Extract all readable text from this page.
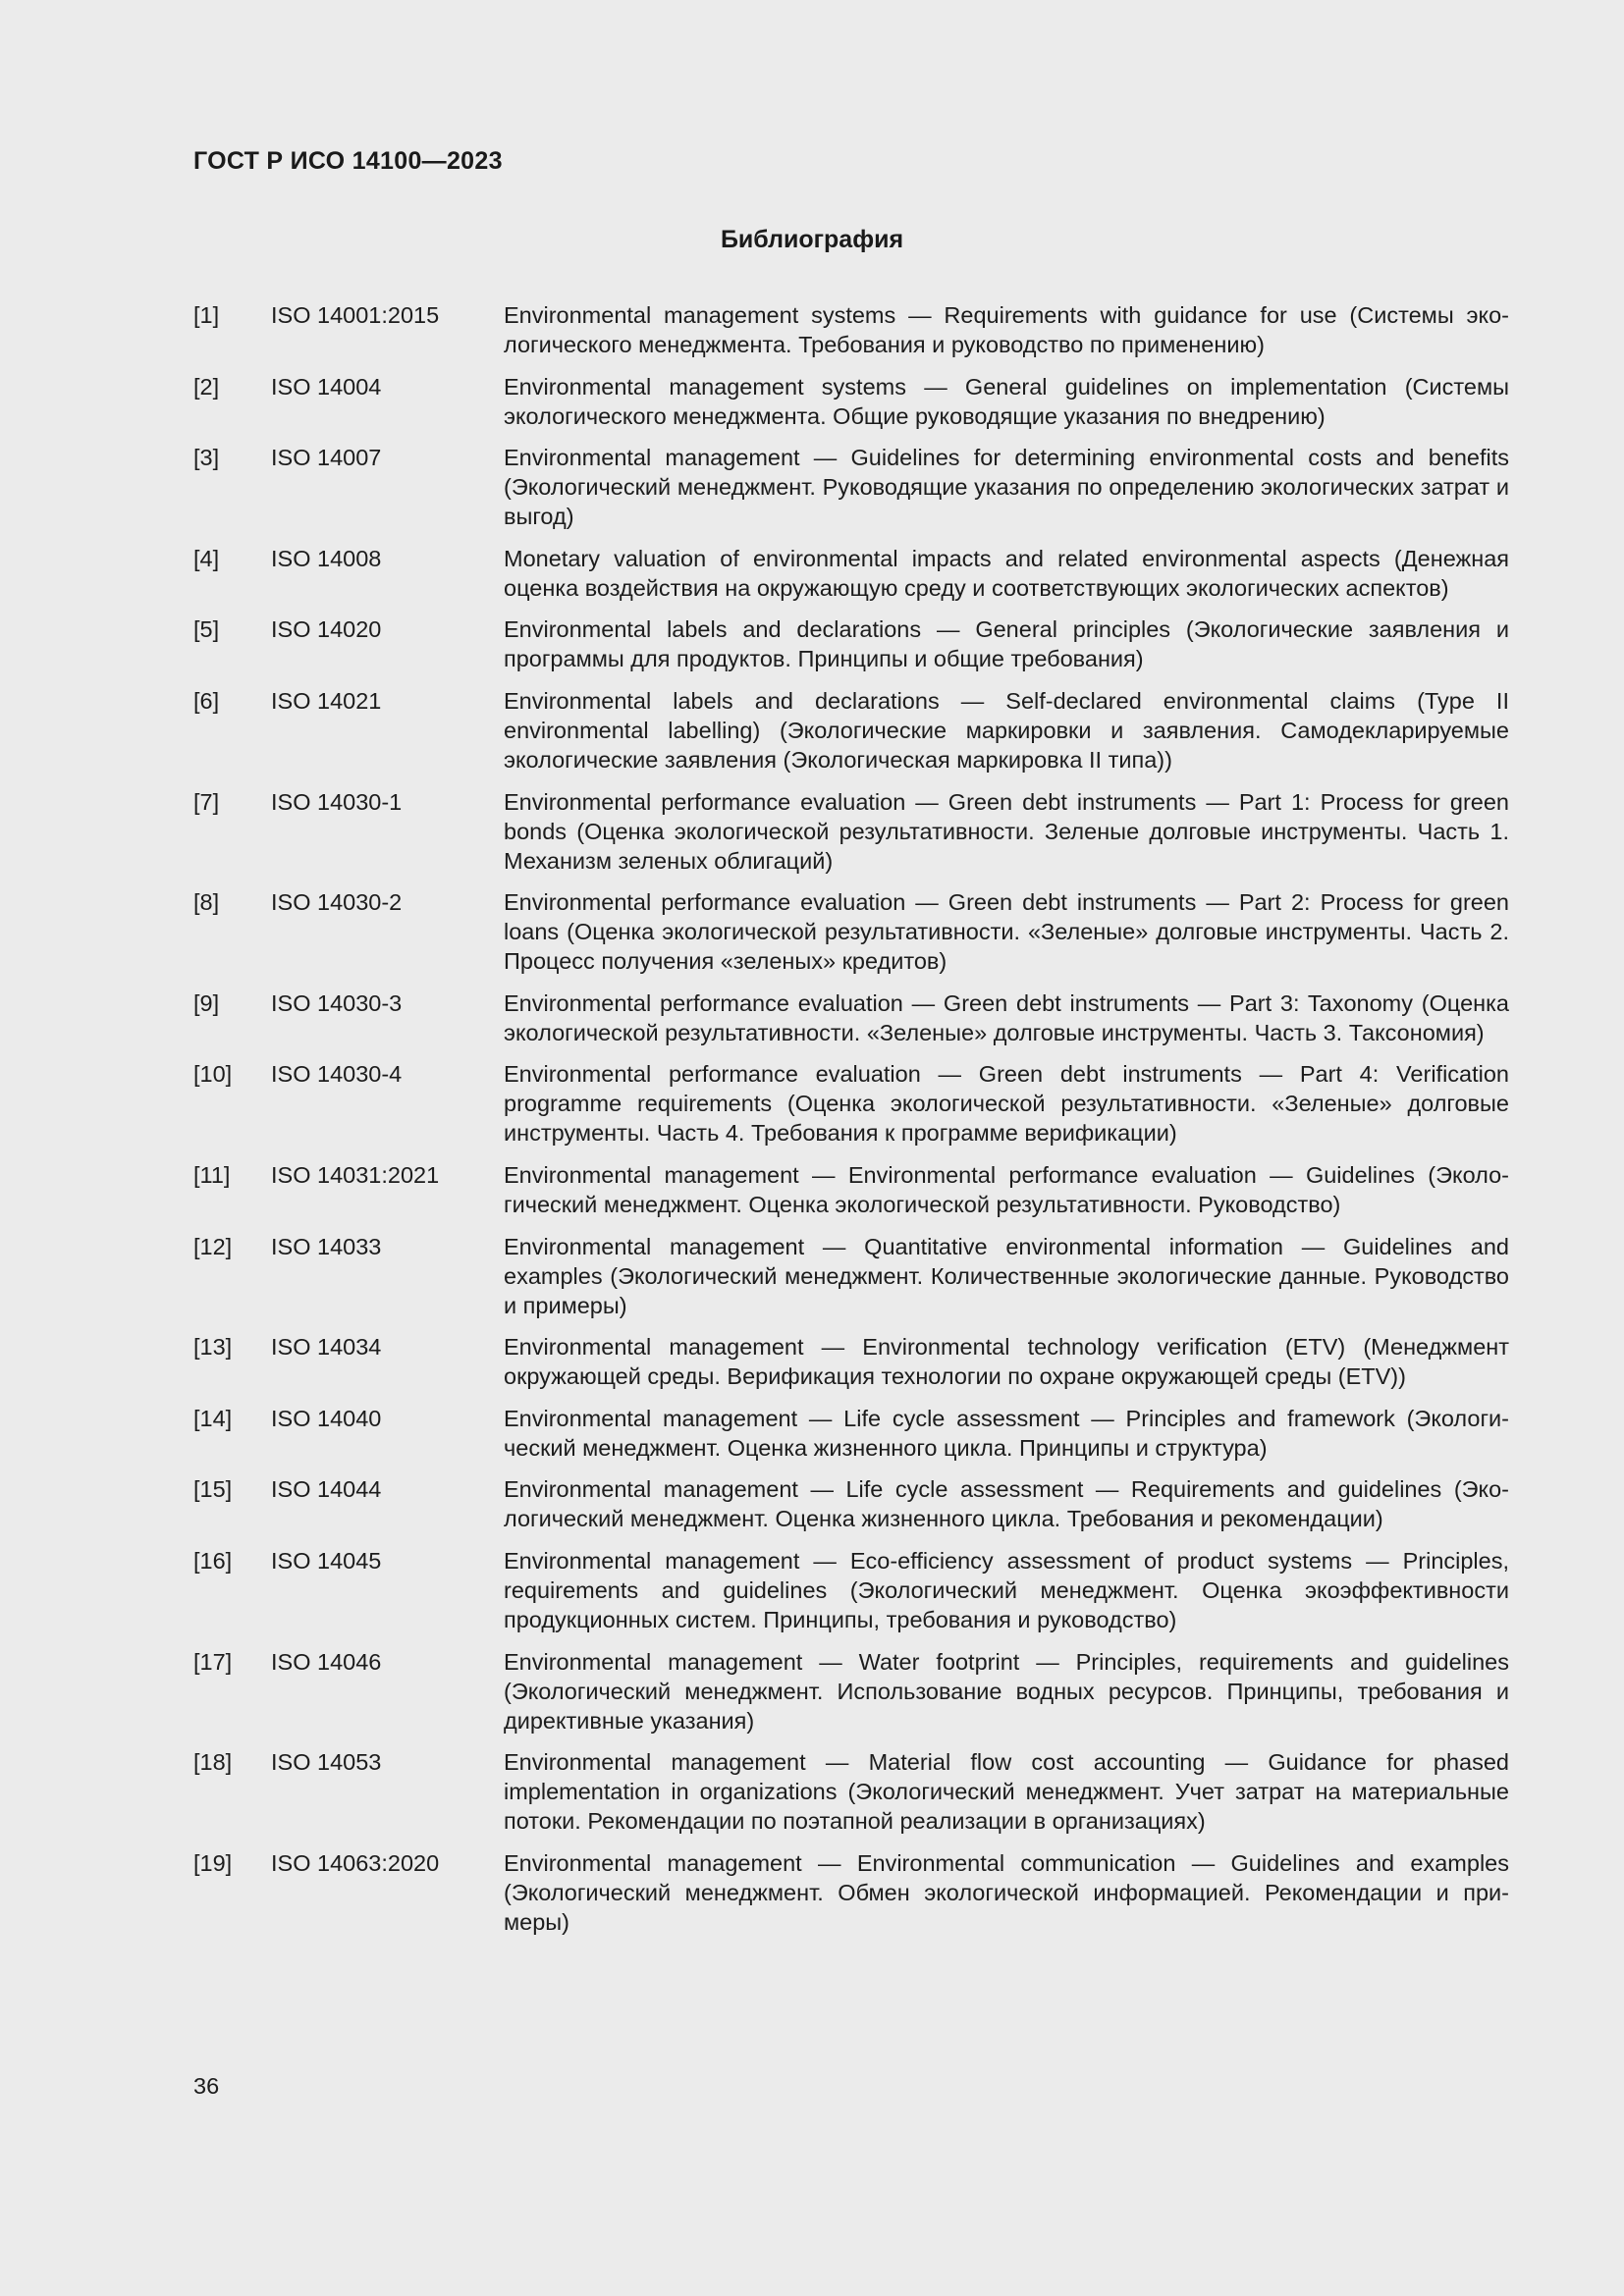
ГОСТ Р ИСО 14100—2023
Библиография
[1]	ISO 14001:2015	Environmental management systems — Requirements with guidance for use (Системы экологического менеджмента. Требования и руководство по применению)
[2]	ISO 14004	Environmental management systems — General guidelines on implementation (Системы экологического менеджмента. Общие руководящие указания по внедрению)
[3]	ISO 14007	Environmental management — Guidelines for determining environmental costs and benefits (Экологический менеджмент. Руководящие указания по определению экологических затрат и выгод)
[4]	ISO 14008	Monetary valuation of environmental impacts and related environmental aspects (Денежная оценка воздействия на окружающую среду и соответствующих экологических аспектов)
[5]	ISO 14020	Environmental labels and declarations — General principles (Экологические заявления и программы для продуктов. Принципы и общие требования)
[6]	ISO 14021	Environmental labels and declarations — Self-declared environmental claims (Type II environmental labelling) (Экологические маркировки и заявления. Самодекларируемые экологические заявления (Экологическая маркировка II типа))
[7]	ISO 14030-1	Environmental performance evaluation — Green debt instruments — Part 1: Process for green bonds (Оценка экологической результативности. Зеленые долговые инструменты. Часть 1. Механизм зеленых облигаций)
[8]	ISO 14030-2	Environmental performance evaluation — Green debt instruments — Part 2: Process for green loans (Оценка экологической результативности. «Зеленые» долговые инструменты. Часть 2. Процесс получения «зеленых» кредитов)
[9]	ISO 14030-3	Environmental performance evaluation — Green debt instruments — Part 3: Taxonomy (Оценка экологической результативности. «Зеленые» долговые инструменты. Часть 3. Таксономия)
[10]	ISO 14030-4	Environmental performance evaluation — Green debt instruments — Part 4: Verification programme requirements (Оценка экологической результативности. «Зеленые» долговые инструменты. Часть 4. Требования к программе верификации)
[11]	ISO 14031:2021	Environmental management — Environmental performance evaluation — Guidelines (Экологический менеджмент. Оценка экологической результативности. Руководство)
[12]	ISO 14033	Environmental management — Quantitative environmental information — Guidelines and examples (Экологический менеджмент. Количественные экологические данные. Руководство и примеры)
[13]	ISO 14034	Environmental management — Environmental technology verification (ETV) (Менеджмент окружающей среды. Верификация технологии по охране окружающей среды (ETV))
[14]	ISO 14040	Environmental management — Life cycle assessment — Principles and framework (Экологический менеджмент. Оценка жизненного цикла. Принципы и структура)
[15]	ISO 14044	Environmental management — Life cycle assessment — Requirements and guidelines (Экологический менеджмент. Оценка жизненного цикла. Требования и рекомендации)
[16]	ISO 14045	Environmental management — Eco-efficiency assessment of product systems — Principles, requirements and guidelines (Экологический менеджмент. Оценка экоэффективности продукционных систем. Принципы, требования и руководство)
[17]	ISO 14046	Environmental management — Water footprint — Principles, requirements and guidelines (Экологический менеджмент. Использование водных ресурсов. Принципы, требования и директивные указания)
[18]	ISO 14053	Environmental management — Material flow cost accounting — Guidance for phased implementation in organizations (Экологический менеджмент. Учет затрат на материальные потоки. Рекомендации по поэтапной реализации в организациях)
[19]	ISO 14063:2020	Environmental management — Environmental communication — Guidelines and examples (Экологический менеджмент. Обмен экологической информацией. Рекомендации и примеры)
36
